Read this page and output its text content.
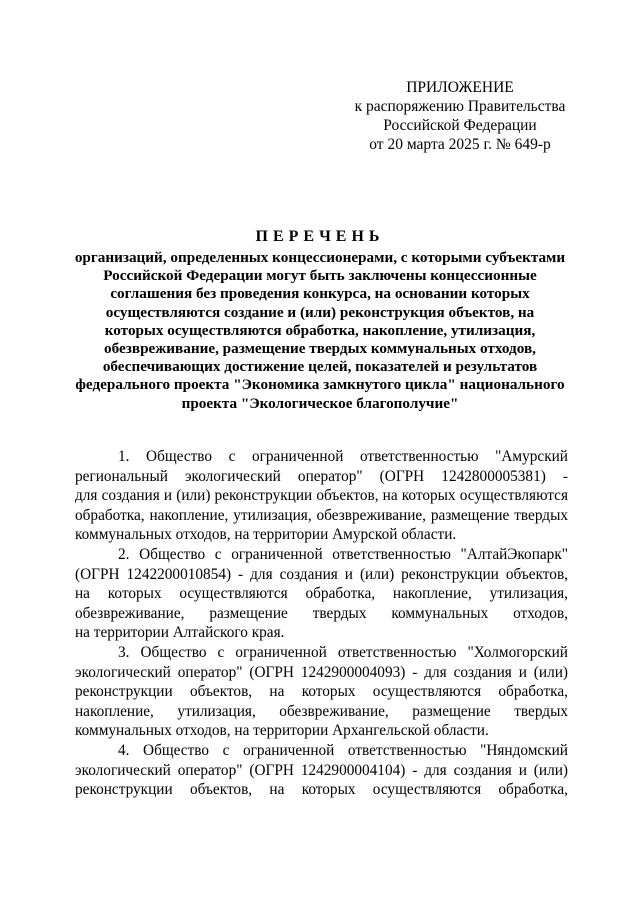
ПРИЛОЖЕНИЕ
к распоряжению Правительства
Российской Федерации
от 20 марта 2025 г. № 649-р
ПЕРЕЧЕНЬ
организаций, определенных концессионерами, с которыми субъектами
Российской Федерации могут быть заключены концессионные
соглашения без проведения конкурса, на основании которых
осуществляются создание и (или) реконструкция объектов, на
которых осуществляются обработка, накопление, утилизация,
обезвреживание, размещение твердых коммунальных отходов,
обеспечивающих достижение целей, показателей и результатов
федерального проекта "Экономика замкнутого цикла" национального
проекта "Экологическое благополучие"

1. Общество с ограниченной ответственностью "Амурский

региональный экологический оператор" (ОГРН 1242800005381) -

для создания и (или) реконструкции объектов, на которых осуществляются

обработка, накопление, утилизация, обезвреживание, размещение твердых

коммунальных отходов, на территории Амурской области.

2. Общество с ограниченной ответственностью "АлтайЭкопарк"

(ОГРН 1242200010854) - для создания и (или) реконструкции объектов,

на которых осуществляются обработка, накопление, утилизация,

обезвреживание, размещение твердых коммунальных отходов,

на территории Алтайского края.

3. Общество с ограниченной ответственностью "Холмогорский

экологический оператор" (ОГРН 1242900004093) - для создания и (или)

реконструкции объектов, на которых осуществляются обработка,

накопление, утилизация, обезвреживание, размещение твердых

коммунальных отходов, на территории Архангельской области.

4. Общество с ограниченной ответственностью "Няндомский

экологический оператор" (ОГРН 1242900004104) - для создания и (или)

реконструкции объектов, на которых осуществляются обработка,
